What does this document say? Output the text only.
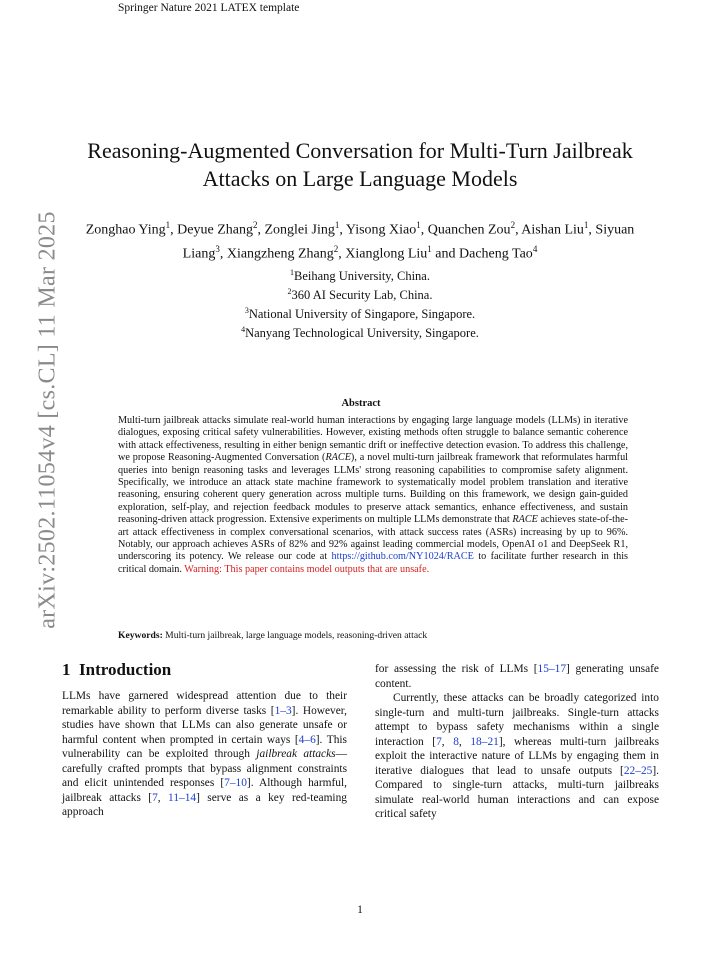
Springer Nature 2021 LATEX template
arXiv:2502.11054v4 [cs.CL] 11 Mar 2025
Reasoning-Augmented Conversation for Multi-Turn Jailbreak Attacks on Large Language Models
Zonghao Ying$^1$, Deyue Zhang$^2$, Zonglei Jing$^1$, Yisong Xiao$^1$, Quanchen Zou$^2$, Aishan Liu$^1$, Siyuan Liang$^3$, Xiangzheng Zhang$^2$, Xianglong Liu$^1$ and Dacheng Tao$^4$
$^1$Beihang University, China.
$^2$360 AI Security Lab, China.
$^3$National University of Singapore, Singapore.
$^4$Nanyang Technological University, Singapore.
Abstract
Multi-turn jailbreak attacks simulate real-world human interactions by engaging large language models (LLMs) in iterative dialogues, exposing critical safety vulnerabilities. However, existing methods often struggle to balance semantic coherence with attack effectiveness, resulting in either benign semantic drift or ineffective detection evasion. To address this challenge, we propose Reasoning-Augmented Conversation (RACE), a novel multi-turn jailbreak framework that reformulates harmful queries into benign reasoning tasks and leverages LLMs' strong reasoning capabilities to compromise safety alignment. Specifically, we introduce an attack state machine framework to systematically model problem translation and iterative reasoning, ensuring coherent query generation across multiple turns. Building on this framework, we design gain-guided exploration, self-play, and rejection feedback modules to preserve attack semantics, enhance effectiveness, and sustain reasoning-driven attack progression. Extensive experiments on multiple LLMs demonstrate that RACE achieves state-of-the-art attack effectiveness in complex conversational scenarios, with attack success rates (ASRs) increasing by up to 96%. Notably, our approach achieves ASRs of 82% and 92% against leading commercial models, OpenAI o1 and DeepSeek R1, underscoring its potency. We release our code at https://github.com/NY1024/RACE to facilitate further research in this critical domain. Warning: This paper contains model outputs that are unsafe.
Keywords: Multi-turn jailbreak, large language models, reasoning-driven attack
1 Introduction

LLMs have garnered widespread attention due to their remarkable ability to perform diverse tasks [1–3]. However, studies have shown that LLMs can also generate unsafe or harmful content when prompted in certain ways [4–6]. This vulnerability can be exploited through jailbreak attacks—carefully crafted prompts that bypass alignment constraints and elicit unintended responses [7–10]. Although harmful, jailbreak attacks [7, 11–14] serve as a key red-teaming approach

for assessing the risk of LLMs [15–17] generating unsafe content.

Currently, these attacks can be broadly categorized into single-turn and multi-turn jailbreaks. Single-turn attacks attempt to bypass safety mechanisms within a single interaction [7, 8, 18–21], whereas multi-turn jailbreaks exploit the interactive nature of LLMs by engaging them in iterative dialogues that lead to unsafe outputs [22–25]. Compared to single-turn attacks, multi-turn jailbreaks simulate real-world human interactions and can expose critical safety

1
